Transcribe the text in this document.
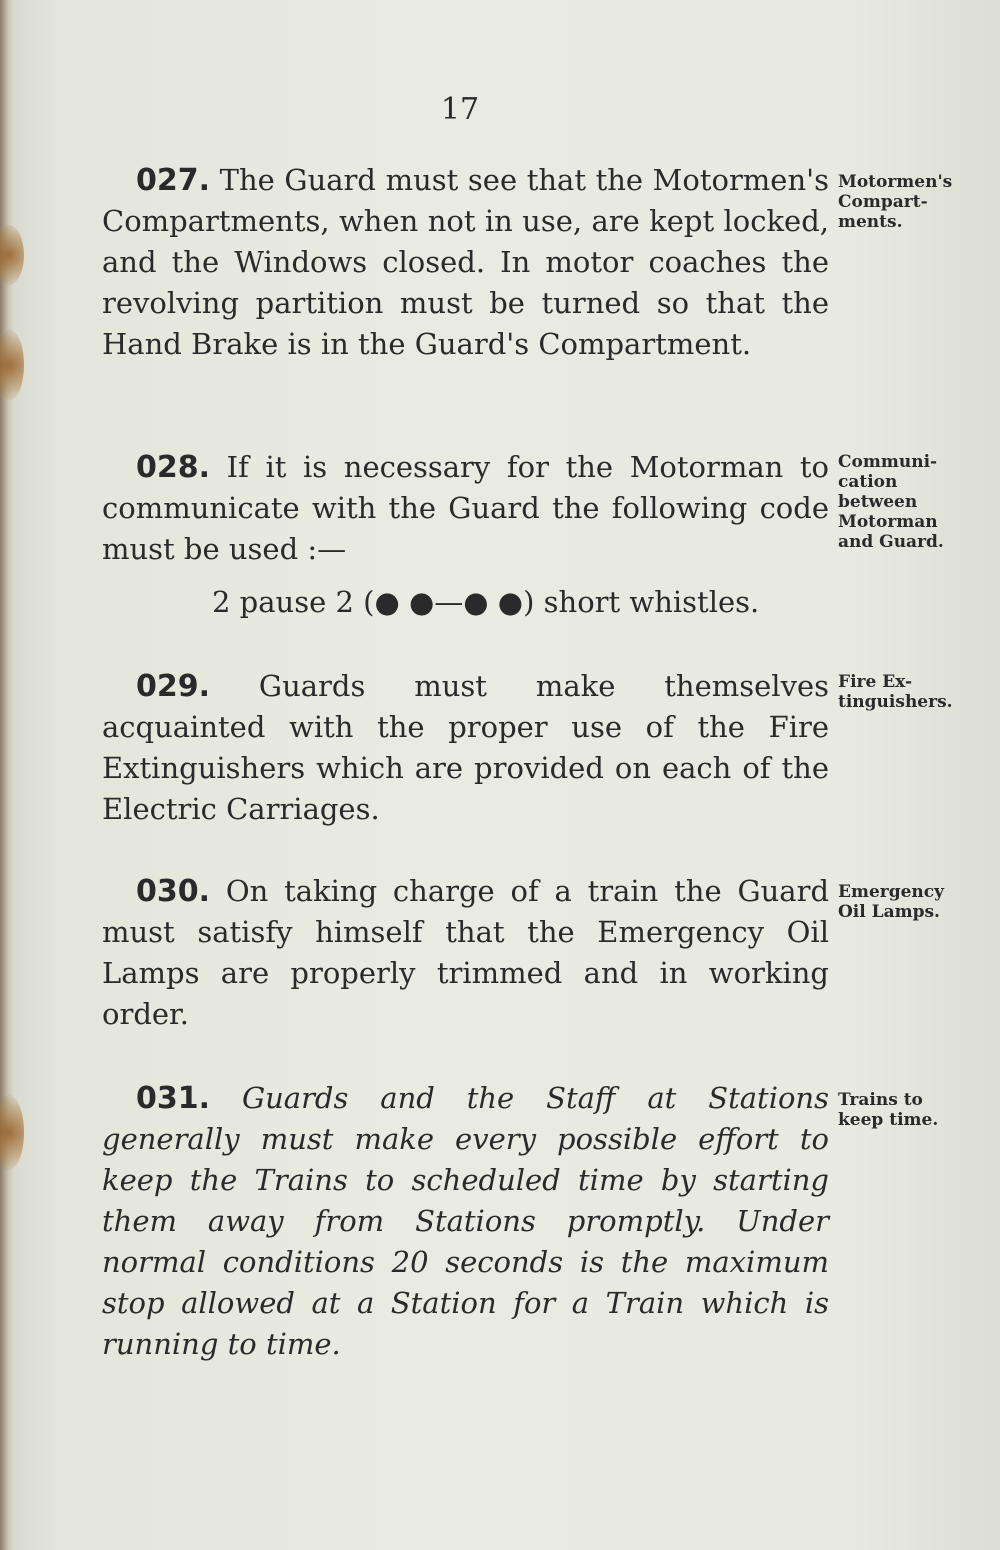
17

027. The Guard must see that the Motormen's Compartments, when not in use, are kept locked, and the Windows closed. In motor coaches the revolving partition must be turned so that the Hand Brake is in the Guard's Compartment.

Motormen's
Compart-
ments.

028. If it is necessary for the Motorman to communicate with the Guard the following code must be used :—

2 pause 2 (● ●—● ●) short whistles.

Communi-
cation
between
Motorman
and Guard.

029. Guards must make themselves acquainted with the proper use of the Fire Extinguishers which are provided on each of the Electric Carriages.

Fire Ex-
tinguishers.

030. On taking charge of a train the Guard must satisfy himself that the Emergency Oil Lamps are properly trimmed and in working order.

Emergency
Oil Lamps.

031. Guards and the Staff at Stations generally must make every possible effort to keep the Trains to scheduled time by starting them away from Stations promptly. Under normal conditions 20 seconds is the maximum stop allowed at a Station for a Train which is running to time.

Trains to
keep time.
